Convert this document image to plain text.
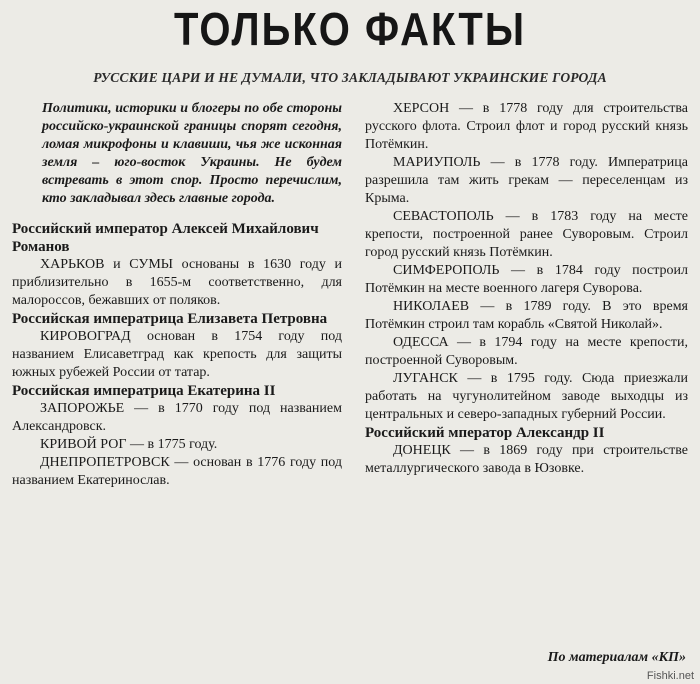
ТОЛЬКО ФАКТЫ
РУССКИЕ ЦАРИ И НЕ ДУМАЛИ, ЧТО ЗАКЛАДЫВАЮТ УКРАИНСКИЕ ГОРОДА
Политики, историки и блогеры по обе стороны российско-украинской границы спорят сегодня, ломая микрофоны и клавиши, чья же исконная земля – юго-восток Украины. Не будем встревать в этот спор. Просто перечислим, кто закладывал здесь главные города.
Российский император Алексей Михайлович Романов

ХАРЬКОВ и СУМЫ основаны в 1630 году и приблизительно в 1655-м соответственно, для малороссов, бежавших от поляков.

Российская императрица Елизавета Петровна

КИРОВОГРАД основан в 1754 году под названием Елисаветград как крепость для защиты южных рубежей России от татар.

Российская императрица Екатерина II

ЗАПОРОЖЬЕ — в 1770 году под названием Александровск.

КРИВОЙ РОГ — в 1775 году.

ДНЕПРОПЕТРОВСК — основан в 1776 году под названием Екатеринослав.

ХЕРСОН — в 1778 году для строительства русского флота. Строил флот и город русский князь Потёмкин.

МАРИУПОЛЬ — в 1778 году. Императрица разрешила там жить грекам — переселенцам из Крыма.

СЕВАСТОПОЛЬ — в 1783 году на месте крепости, построенной ранее Суворовым. Строил город русский князь Потёмкин.

СИМФЕРОПОЛЬ — в 1784 году построил Потёмкин на месте военного лагеря Суворова.

НИКОЛАЕВ — в 1789 году. В это время Потёмкин строил там корабль «Святой Николай».

ОДЕССА — в 1794 году на месте крепости, построенной Суворовым.

ЛУГАНСК — в 1795 году. Сюда приезжали работать на чугунолитейном заводе выходцы из центральных и северо-западных губерний России.

Российский мператор Александр II

ДОНЕЦК — в 1869 году при строительстве металлургического завода в Юзовке.

По материалам «КП»
Fishki.net
